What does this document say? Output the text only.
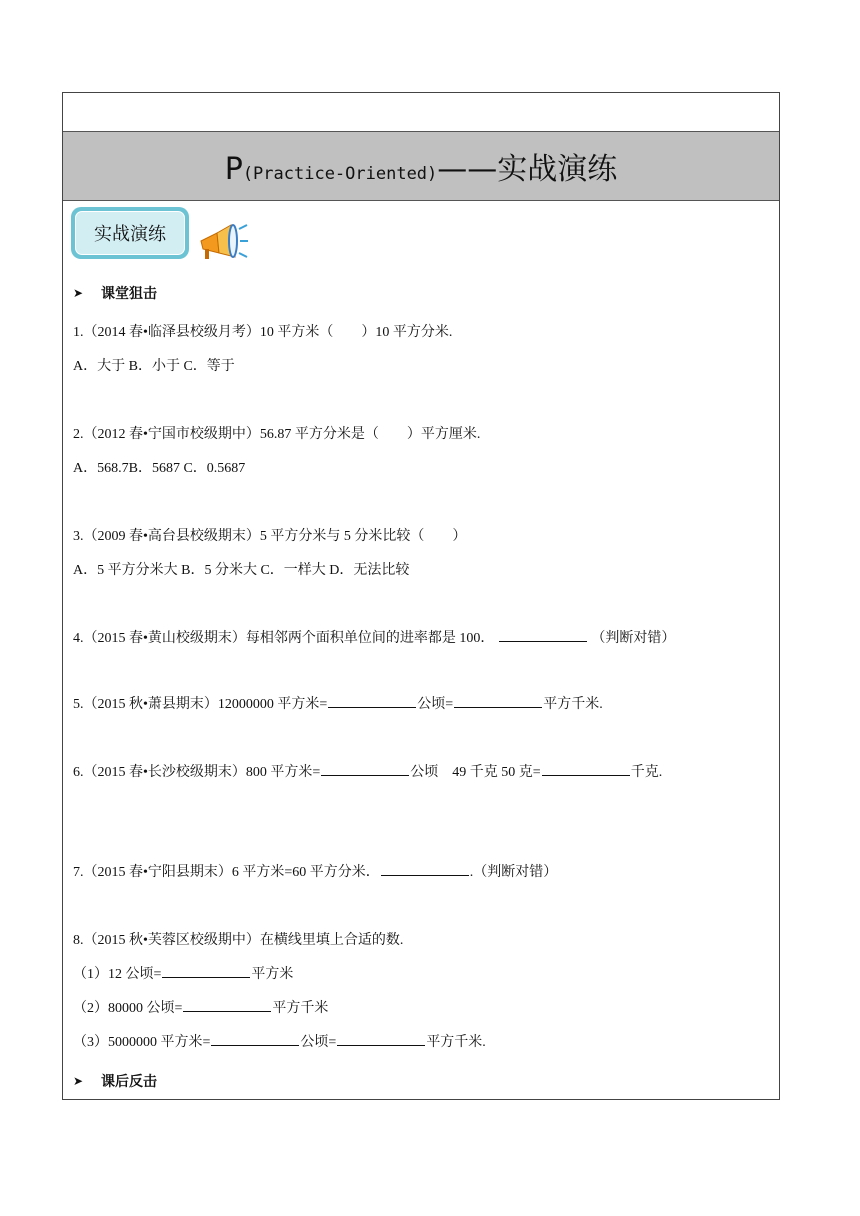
P(Practice-Oriented)——实战演练
实战演练
➤	课堂狙击
1.（2014 春•临泽县校级月考）10 平方米（　　）10 平方分米.
A．大于 B．小于 C．等于
2.（2012 春•宁国市校级期中）56.87 平方分米是（　　）平方厘米.
A．568.7B．5687 C．0.5687
3.（2009 春•高台县校级期末）5 平方分米与 5 分米比较（　　）
A．5 平方分米大 B．5 分米大 C．一样大 D．无法比较
4.（2015 春•黄山校级期末）每相邻两个面积单位间的进率都是 100．	（判断对错）
5.（2015 秋•萧县期末）12000000 平方米=	公顷=	平方千米.
6.（2015 春•长沙校级期末）800 平方米=	公顷　49 千克 50 克=	千克.
7.（2015 春•宁阳县期末）6 平方米=60 平方分米．	.（判断对错）
8.（2015 秋•芙蓉区校级期中）在横线里填上合适的数.
（1）12 公顷=	平方米
（2）80000 公顷=	平方千米
（3）5000000 平方米=	公顷=	平方千米.
➤	课后反击
